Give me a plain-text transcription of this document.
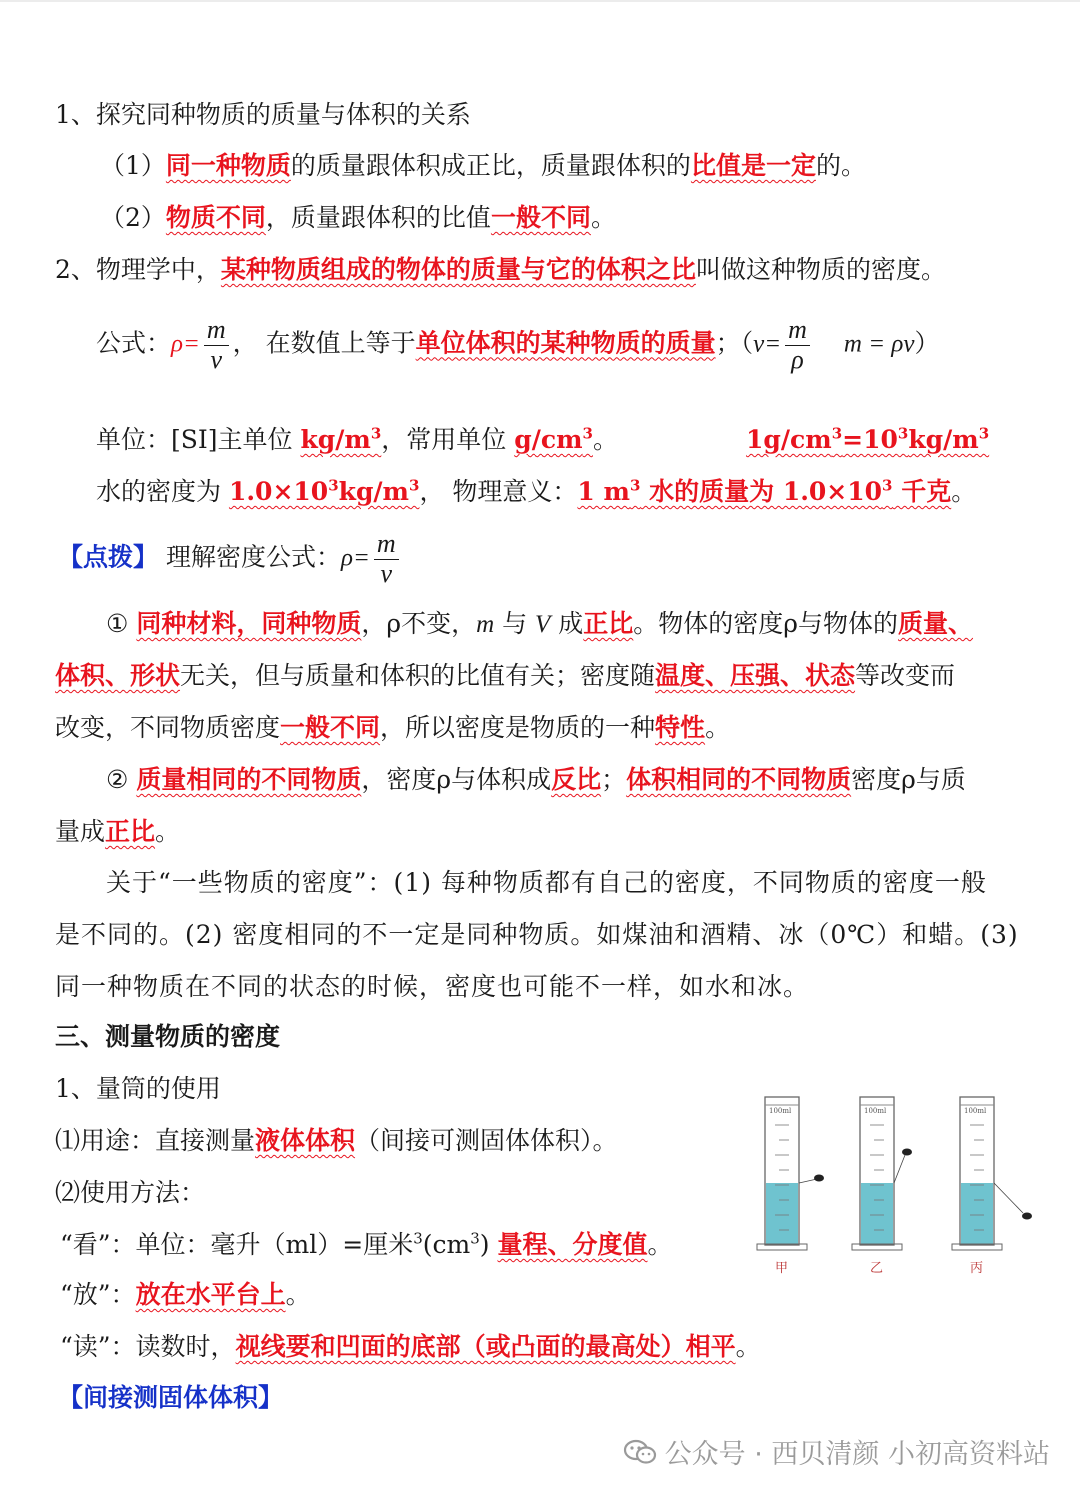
1、探究同种物质的质量与体积的关系
（1）同一种物质的质量跟体积成正比，质量跟体积的比值是一定的。
（2）物质不同，质量跟体积的比值一般不同。
2、物理学中，某种物质组成的物体的质量与它的体积之比叫做这种物质的密度。
公式：$\rho= \frac{m}{v}$ ， 在数值上等于单位体积的某种物质的质量；（$v= \frac{m}{\rho}$ m = ρv）
单位：[SI]主单位 $kg/m^3$，常用单位 $g/cm^3$。	$1g/cm^3=10^3kg/m^3$
水的密度为 $1.0\times 10^3kg/m^3$， 物理意义：1 $m^3$ 水的质量为 $1.0\times 10^3$ 千克。
【点拨】 理解密度公式：$\rho= \frac{m}{v}$
① 同种材料，同种物质，ρ不变，m 与 V 成正比。物体的密度ρ与物体的质量、
体积、形状无关，但与质量和体积的比值有关；密度随温度、压强、状态等改变而
改变，不同物质密度一般不同，所以密度是物质的一种特性。
② 质量相同的不同物质，密度ρ与体积成反比；体积相同的不同物质密度ρ与质
量成正比。
关于“一些物质的密度”：(1) 每种物质都有自己的密度，不同物质的密度一般
是不同的。(2) 密度相同的不一定是同种物质。如煤油和酒精、冰（0℃）和蜡。(3)
同一种物质在不同的状态的时候，密度也可能不一样，如水和冰。
三、测量物质的密度
1、量筒的使用
⑴用途：直接测量液体体积（间接可测固体体积）。
⑵使用方法：
“看”：单位：毫升（ml）=厘米$^3(cm^3)$ 量程、分度值。
“放”：放在水平台上。
“读”：读数时，视线要和凹面的底部（或凸面的最高处）相平。
【间接测固体体积】
100ml	100ml	100ml
甲	乙	丙
公众号 · 西贝清颜 小初高资料站
